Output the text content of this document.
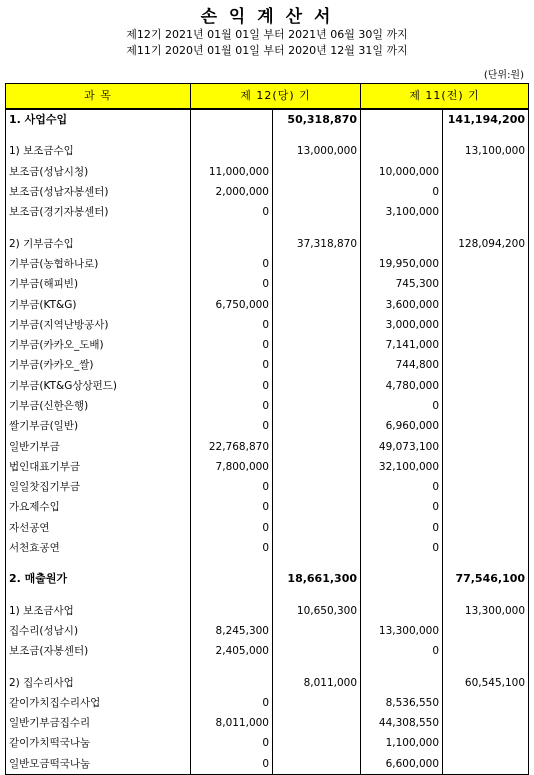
손 익 계 산 서
제12기 2021년 01월 01일 부터 2021년 06월 30일 까지
제11기 2020년 01월 01일 부터 2020년 12월 31일 까지
(단위:원)
과 목	제 12(당) 기		제 11(전) 기	
1. 사업수입		50,318,870		141,194,200

1) 보조금수입		13,000,000		13,100,000
보조금(성남시청)	11,000,000		10,000,000	
보조금(성남자봉센터)	2,000,000		0	
보조금(경기자봉센터)	0		3,100,000	

2) 기부금수입		37,318,870		128,094,200
기부금(농협하나로)	0		19,950,000	
기부금(해피빈)	0		745,300	
기부금(KT&G)	6,750,000		3,600,000	
기부금(지역난방공사)	0		3,000,000	
기부금(카카오_도배)	0		7,141,000	
기부금(카카오_쌀)	0		744,800	
기부금(KT&G상상펀드)	0		4,780,000	
기부금(신한은행)	0		0	
쌀기부금(일반)	0		6,960,000	
일반기부금	22,768,870		49,073,100	
법인대표기부금	7,800,000		32,100,000	
일일찻집기부금	0		0	
가요제수입	0		0	
자선공연	0		0	
서천효공연	0		0	

2. 매출원가		18,661,300		77,546,100

1) 보조금사업		10,650,300		13,300,000
집수리(성남시)	8,245,300		13,300,000	
보조금(자봉센터)	2,405,000		0	

2) 집수리사업		8,011,000		60,545,100
같이가치집수리사업	0		8,536,550	
일반기부금집수리	8,011,000		44,308,550	
같이가치떡국나눔	0		1,100,000	
일반모금떡국나눔	0		6,600,000	
